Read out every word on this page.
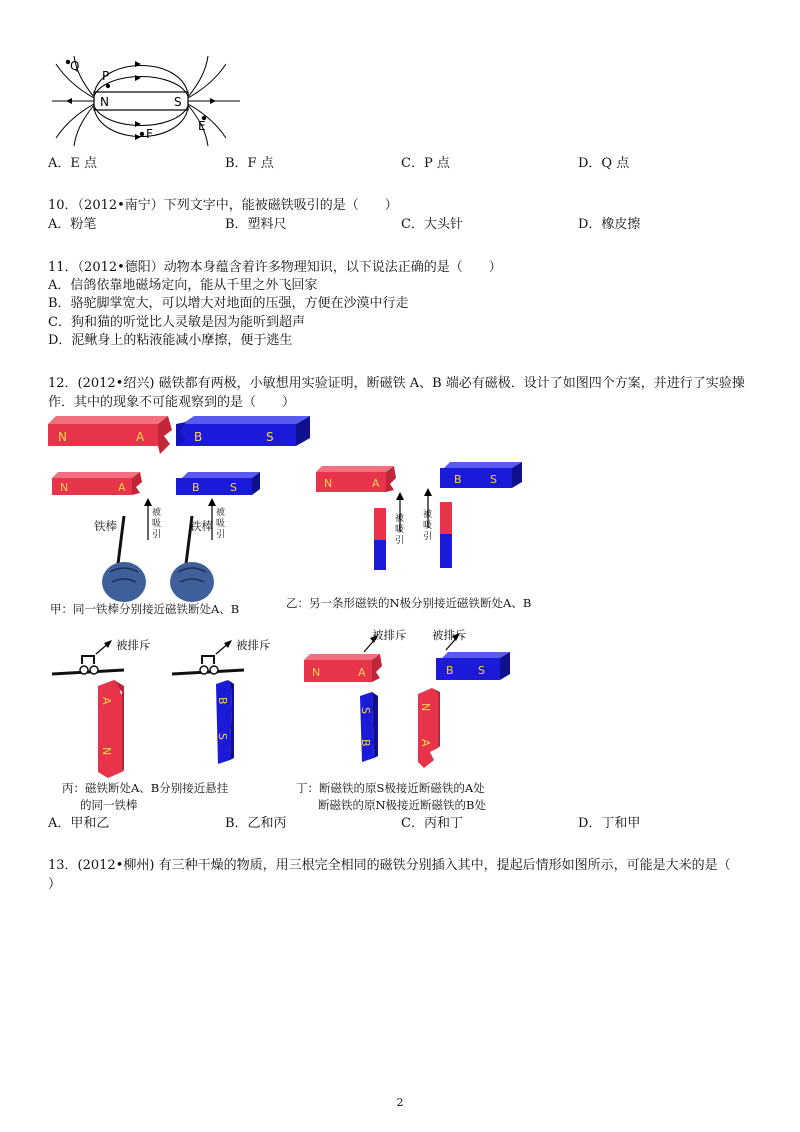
N	S
Q
P
F
E
A．E 点	B．F 点	C．P 点	D．Q 点
10．（2012•南宁）下列文字中，能被磁铁吸引的是（　　）
A．粉笔	B．塑料尺	C．大头针	D．橡皮擦
11．（2012•德阳）动物本身蕴含着许多物理知识，以下说法正确的是（　　）
A．信鸽依靠地磁场定向，能从千里之外飞回家
B．骆驼脚掌宽大，可以增大对地面的压强，方便在沙漠中行走
C．狗和猫的听觉比人灵敏是因为能听到超声
D．泥鳅身上的粘液能减小摩擦，便于逃生
12．(2012•绍兴) 磁铁都有两极，小敏想用实验证明，断磁铁 A、B 端必有磁极．设计了如图四个方案，并进行了实验操
作．其中的现象不可能观察到的是（　　）
N	A	B	S
N	A	B	S
铁棒	铁棒
被吸引
被吸引
甲：同一铁棒分别接近磁铁断处A、B
N	A	B	S
被吸引
被吸引
乙：另一条形磁铁的N极分别接近磁铁断处A、B
A
N
B
S
被排斥	被排斥
丙：磁铁断处A、B分别接近悬挂
的同一铁棒
N	A	B S
S
B
N
A
被排斥 被排斥
丁：断磁铁的原S极接近断磁铁的A处
断磁铁的原N极接近断磁铁的B处
A．甲和乙	B．乙和丙	C．丙和丁	D．丁和甲
13．(2012•柳州) 有三种干燥的物质，用三根完全相同的磁铁分别插入其中，提起后情形如图所示，可能是大米的是（
）
2
